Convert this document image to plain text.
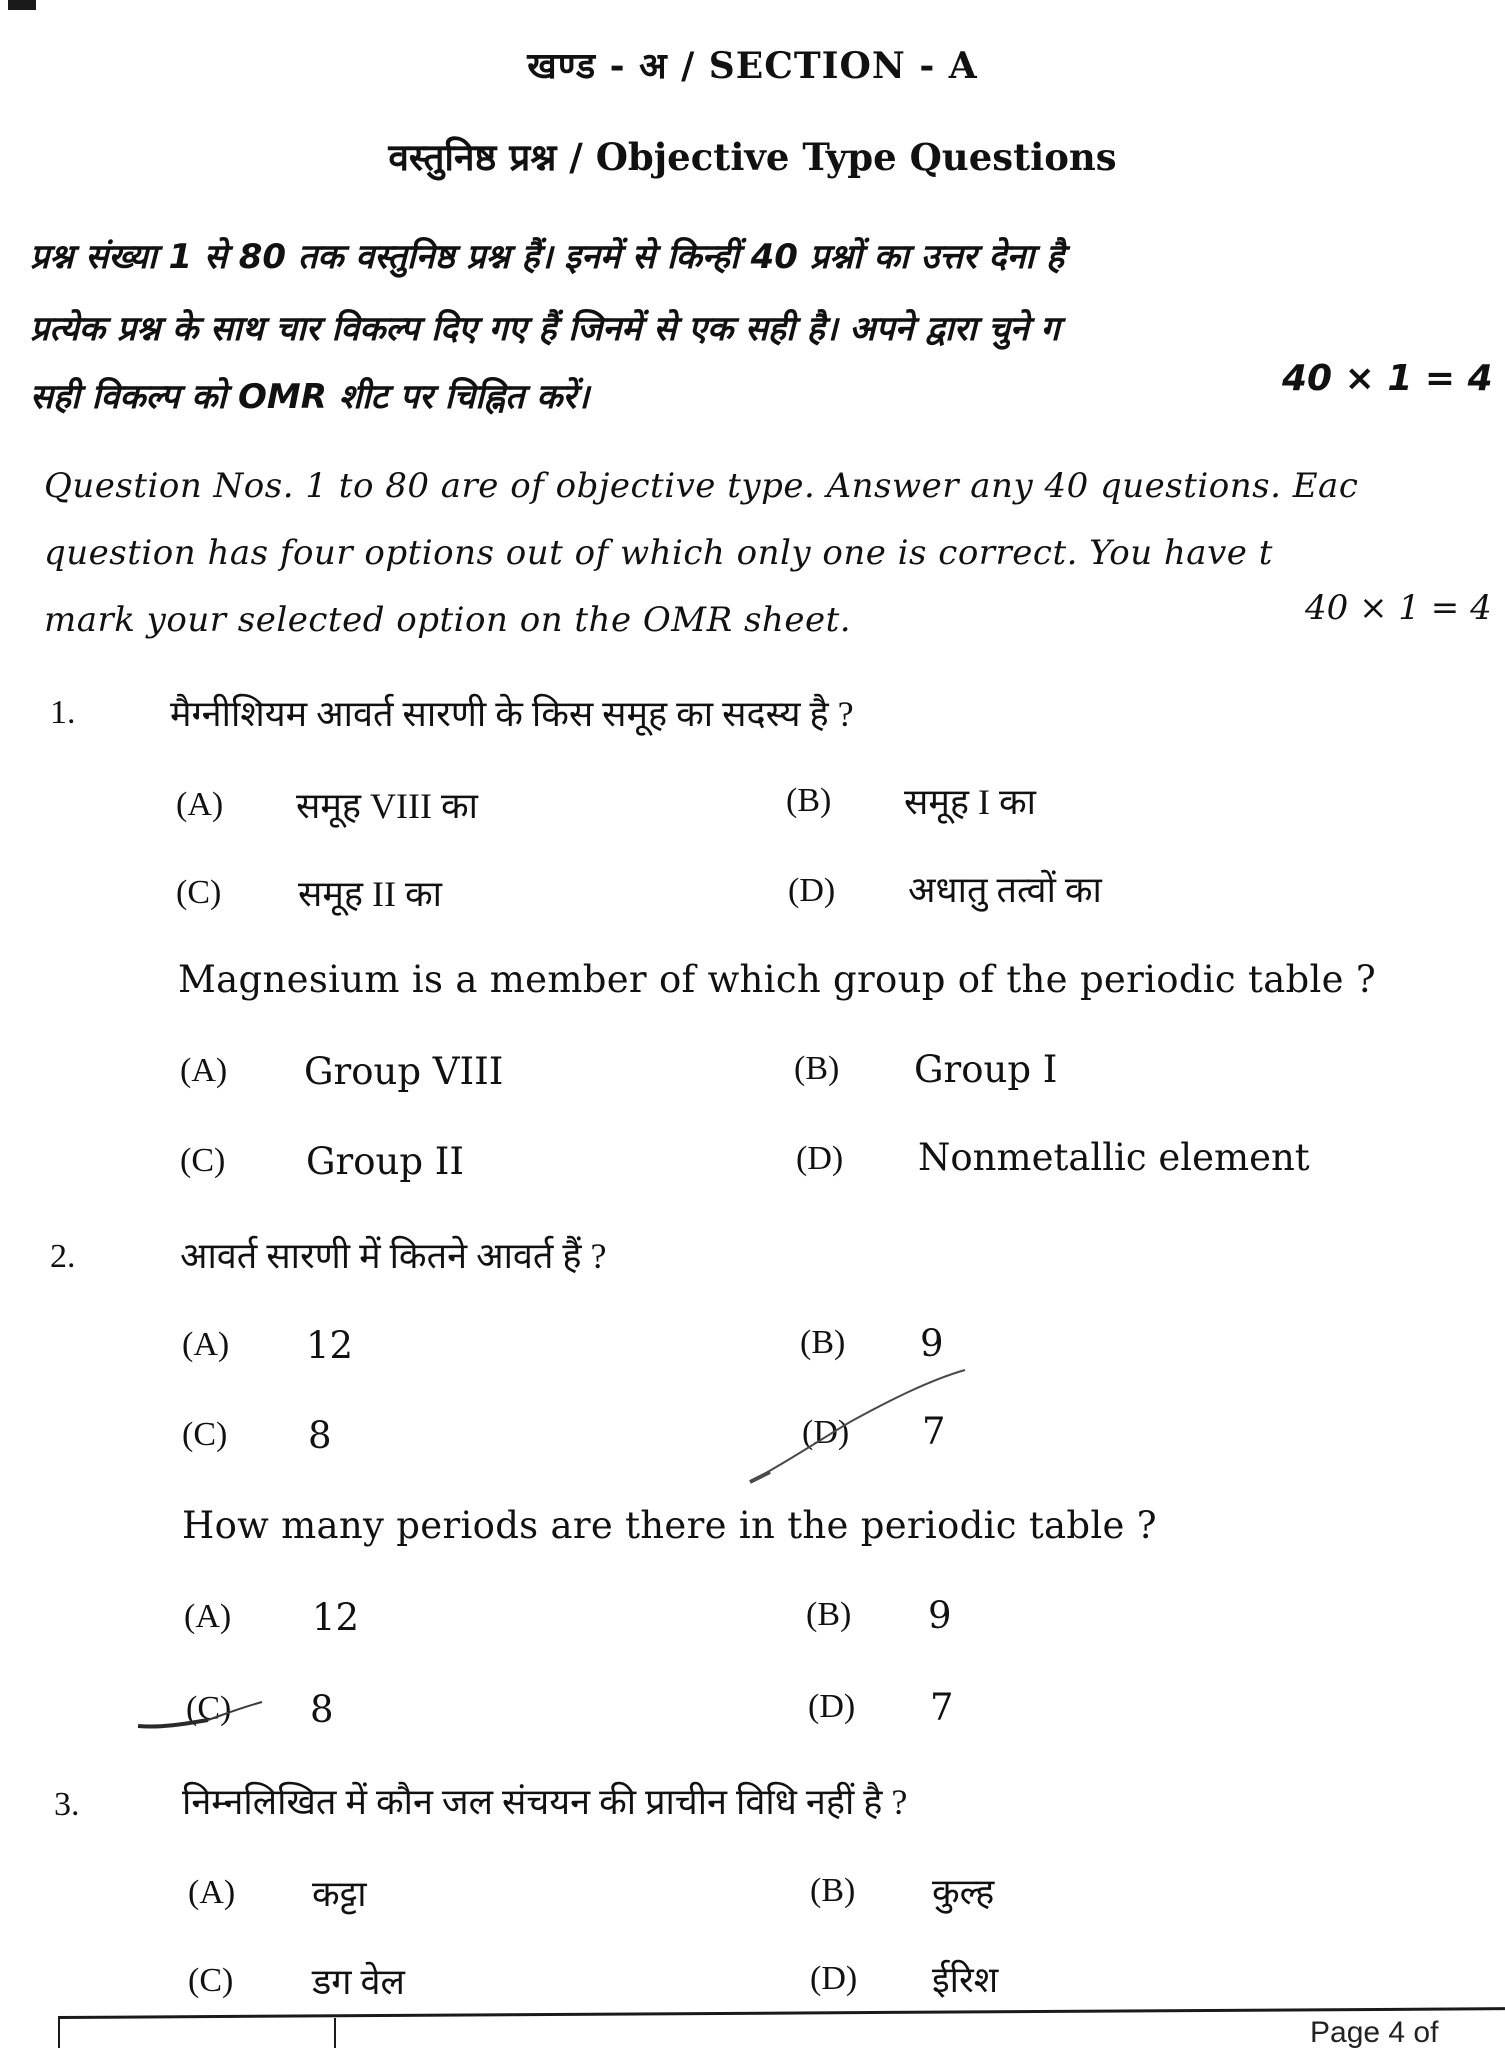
खण्ड - अ / SECTION - A
वस्तुनिष्ठ प्रश्न / Objective Type Questions
प्रश्न संख्या 1 से 80 तक वस्तुनिष्ठ प्रश्न हैं। इनमें से किन्हीं 40 प्रश्नों का उत्तर देना है
प्रत्येक प्रश्न के साथ चार विकल्प दिए गए हैं जिनमें से एक सही है। अपने द्वारा चुने ग
सही विकल्प को OMR शीट पर चिह्नित करें।	40 × 1 = 4
Question Nos. 1 to 80 are of objective type. Answer any 40 questions. Eac
question has four options out of which only one is correct. You have t
mark your selected option on the OMR sheet.	40 × 1 = 4
1.	मैग्नीशियम आवर्त सारणी के किस समूह का सदस्य है ?
(A) समूह VIII का	(B) समूह I का
(C) समूह II का	(D) अधातु तत्वों का
Magnesium is a member of which group of the periodic table ?
(A) Group VIII	(B) Group I
(C) Group II	(D) Nonmetallic element
2.	आवर्त सारणी में कितने आवर्त हैं ?
(A) 12	(B) 9
(C) 8	(D) 7
How many periods are there in the periodic table ?
(A) 12	(B) 9
(C) 8	(D) 7
3.	निम्नलिखित में कौन जल संचयन की प्राचीन विधि नहीं है ?
(A) कट्टा	(B) कुल्ह
(C) डग वेल	(D) ईरिश
Page 4 of
